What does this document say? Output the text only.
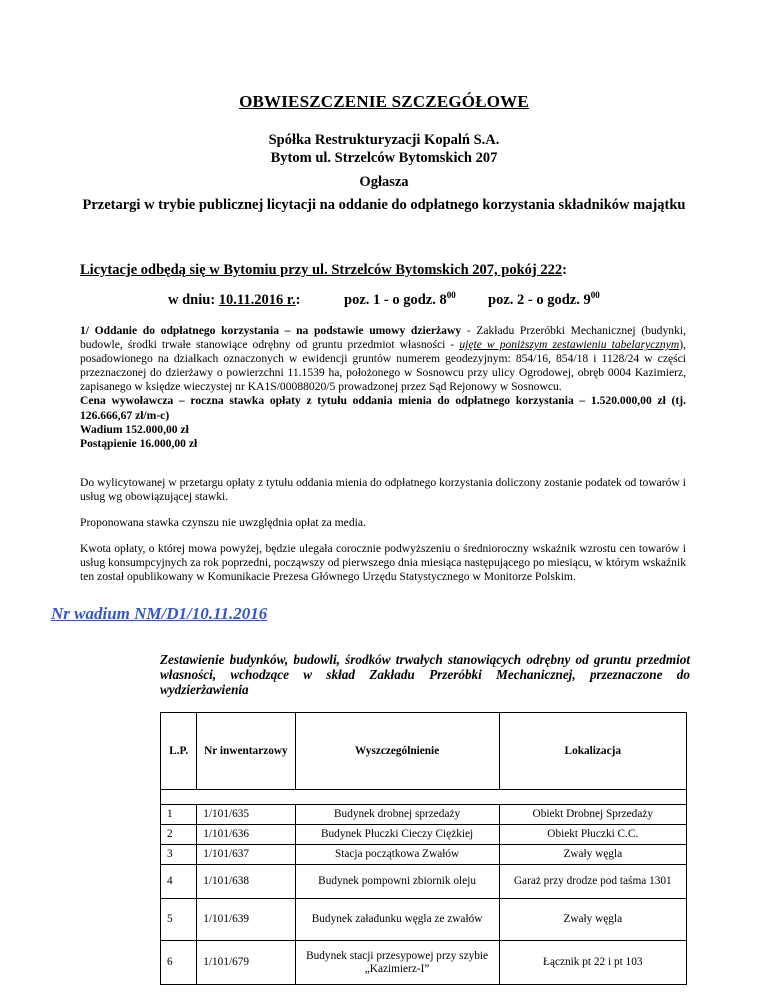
OBWIESZCZENIE SZCZEGÓŁOWE
Spółka Restrukturyzacji Kopalń S.A.
Bytom ul. Strzelców Bytomskich 207
Ogłasza
Przetargi w trybie publicznej licytacji na oddanie do odpłatnego korzystania składników majątku
Licytacje odbędą się w Bytomiu przy ul. Strzelców Bytomskich 207, pokój 222:
w dniu: 10.11.2016 r.:	poz. 1 - o godz. $8^{00}$ poz. 2 - o godz. $9^{00}$
1/ Oddanie do odpłatnego korzystania – na podstawie umowy dzierżawy - Zakładu Przeróbki Mechanicznej (budynki, budowle, środki trwałe stanowiące odrębny od gruntu przedmiot własności - ujęte w poniższym zestawieniu tabelarycznym), posadowionego na działkach oznaczonych w ewidencji gruntów numerem geodezyjnym: 854/16, 854/18 i 1128/24 w części przeznaczonej do dzierżawy o powierzchni 11.1539 ha, położonego w Sosnowcu przy ulicy Ogrodowej, obręb 0004 Kazimierz, zapisanego w księdze wieczystej nr KA1S/00088020/5 prowadzonej przez Sąd Rejonowy w Sosnowcu.
Cena wywoławcza – roczna stawka opłaty z tytułu oddania mienia do odpłatnego korzystania – 1.520.000,00 zł (tj. 126.666,67 zł/m-c)
Wadium 152.000,00 zł
Postąpienie 16.000,00 zł
Do wylicytowanej w przetargu opłaty z tytułu oddania mienia do odpłatnego korzystania doliczony zostanie podatek od towarów i usług wg obowiązującej stawki.
Proponowana stawka czynszu nie uwzględnia opłat za media.
Kwota opłaty, o której mowa powyżej, będzie ulegała corocznie podwyższeniu o średnioroczny wskaźnik wzrostu cen towarów i usług konsumpcyjnych za rok poprzedni, począwszy od pierwszego dnia miesiąca następującego po miesiącu, w którym wskaźnik ten został opublikowany w Komunikacie Prezesa Głównego Urzędu Statystycznego w Monitorze Polskim.
Nr wadium NM/D1/10.11.2016
Zestawienie budynków, budowli, środków trwałych stanowiących odrębny od gruntu przedmiot własności, wchodzące w skład Zakładu Przeróbki Mechanicznej, przeznaczone do wydzierżawienia
L.P.	Nr inwentarzowy	Wyszczególnienie	Lokalizacja

1	1/101/635	Budynek drobnej sprzedaży	Obiekt Drobnej Sprzedaży
2	1/101/636	Budynek Płuczki Cieczy Ciężkiej	Obiekt Płuczki C.C.
3	1/101/637	Stacja początkowa Zwałów	Zwały węgla
4	1/101/638	Budynek pompowni zbiornik oleju	Garaż przy drodze pod taśma 1301
5	1/101/639	Budynek załadunku węgla ze zwałów	Zwały węgla
6	1/101/679	Budynek stacji przesypowej przy szybie „Kazimierz-I”	Łącznik pt 22 i pt 103
